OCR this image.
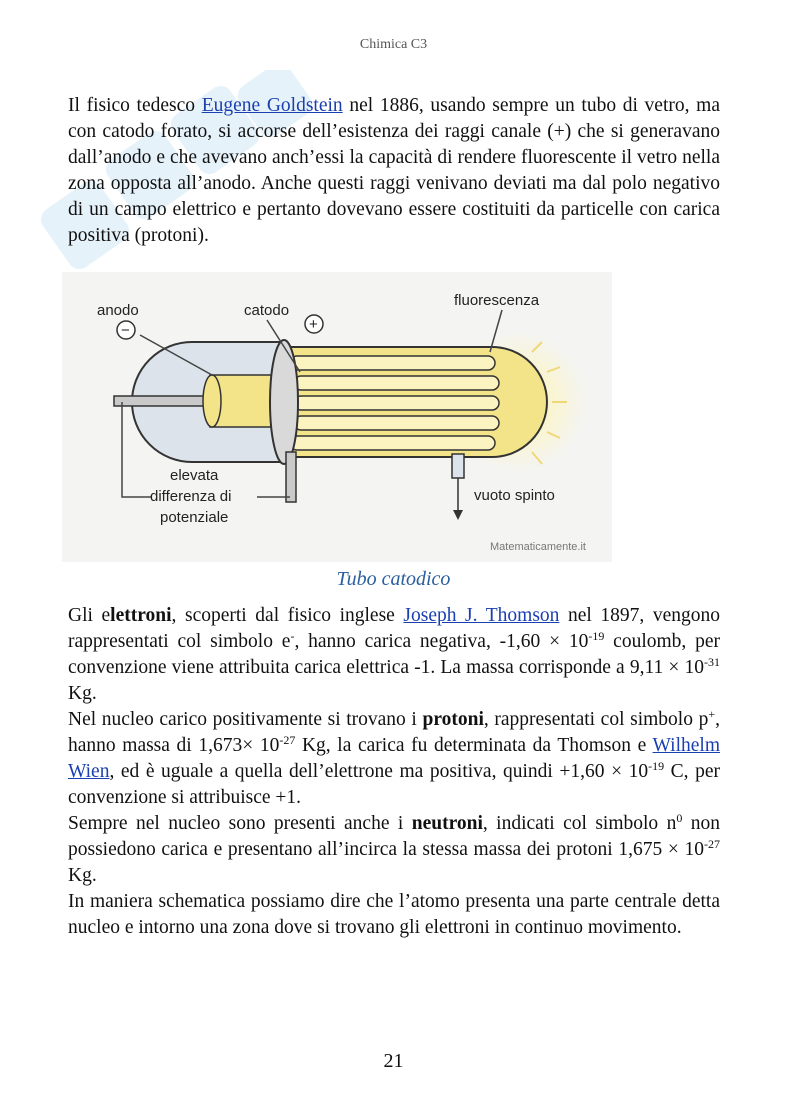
Chimica C3
Il fisico tedesco Eugene Goldstein nel 1886, usando sempre un tubo di vetro, ma con catodo forato, si accorse dell’esistenza dei raggi canale (+) che si generavano dall’anodo e che avevano anch’essi la capacità di rendere fluorescente il vetro nella zona opposta all’anodo. Anche questi raggi venivano deviati ma dal polo negativo di un campo elettrico e pertanto dovevano essere costituiti da particelle con carica positiva (protoni).
anodo
−
catodo
+
fluorescenza
elevata
differenza di
potenziale
vuoto spinto
Matematicamente.it
Tubo catodico
Gli elettroni, scoperti dal fisico inglese Joseph J. Thomson nel 1897, vengono rappresentati col simbolo e-, hanno carica negativa, $-1,60 \times 10^{-19}$ coulomb, per convenzione viene attribuita carica elettrica -1. La massa corrisponde a $9,11 \times 10^{-31}$ Kg.
Nel nucleo carico positivamente si trovano i protoni, rappresentati col simbolo p+, hanno massa di $1,673\times 10^{-27}$ Kg, la carica fu determinata da Thomson e Wilhelm Wien, ed è uguale a quella dell’elettrone ma positiva, quindi $+1,60 \times 10^{-19}$ C, per convenzione si attribuisce +1.
Sempre nel nucleo sono presenti anche i neutroni, indicati col simbolo $n^0$ non possiedono carica e presentano all’incirca la stessa massa dei protoni $1,675 \times 10^{-27}$ Kg.
In maniera schematica possiamo dire che l’atomo presenta una parte centrale detta nucleo e intorno una zona dove si trovano gli elettroni in continuo movimento.
21
